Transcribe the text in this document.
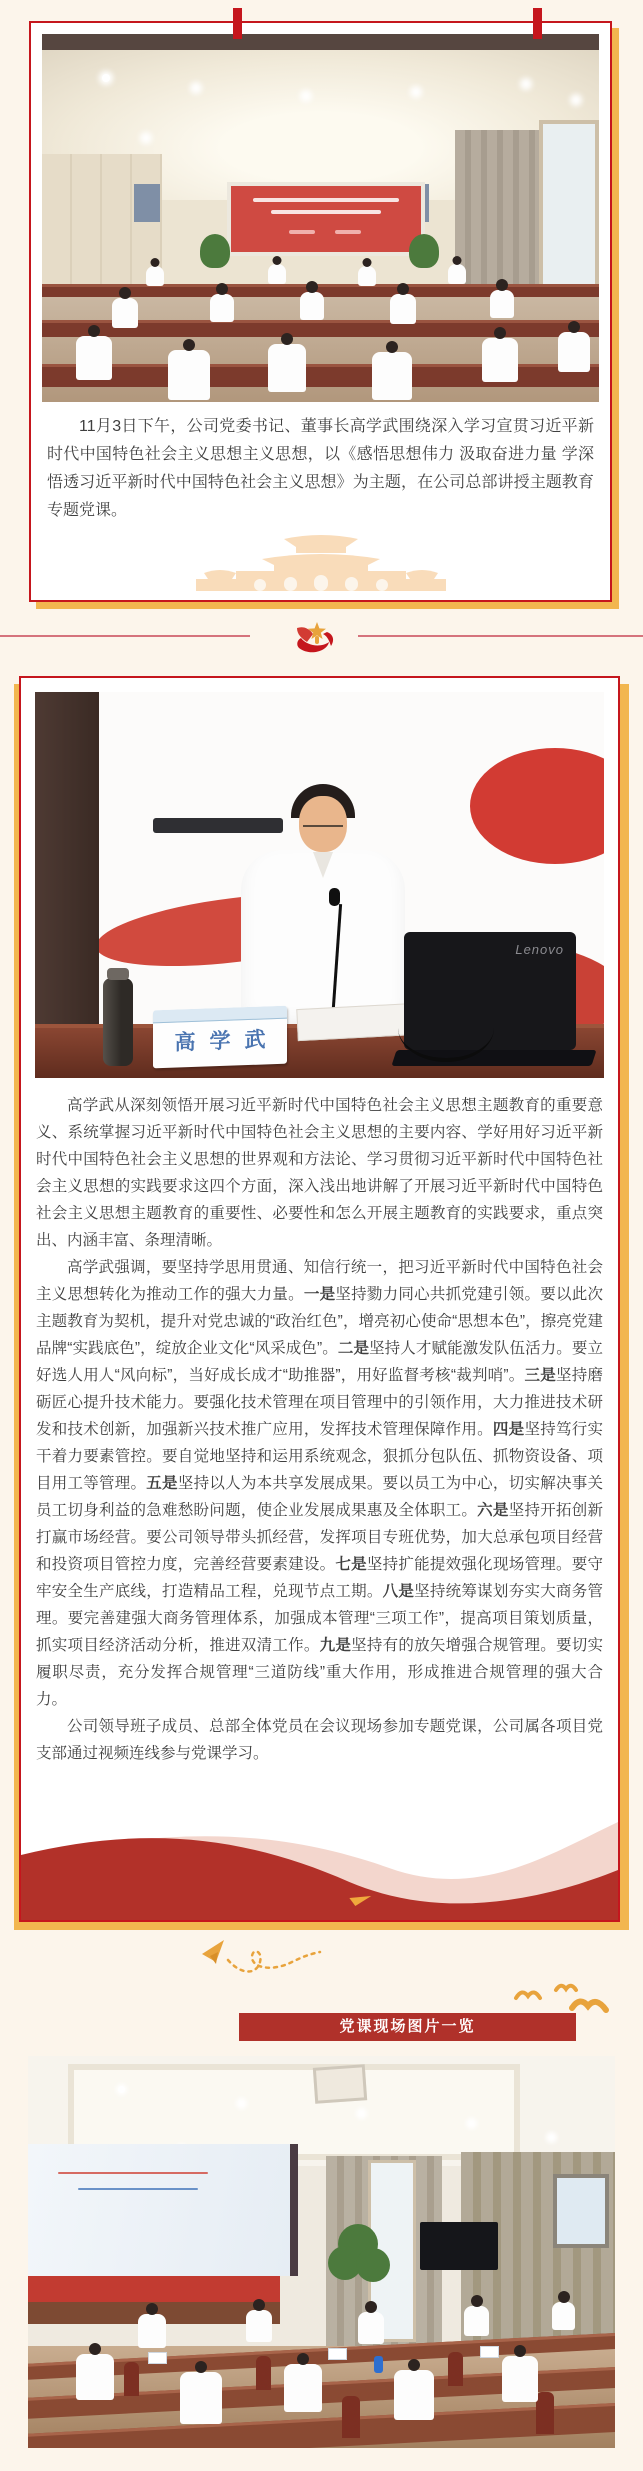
11月3日下午，公司党委书记、董事长高学武围绕深入学习宣贯习近平新时代中国特色社会主义思想主义思想，以《感悟思想伟力 汲取奋进力量 学深悟透习近平新时代中国特色社会主义思想》为主题，在公司总部讲授主题教育专题党课。

Lenovo
高学武

高学武从深刻领悟开展习近平新时代中国特色社会主义思想主题教育的重要意义、系统掌握习近平新时代中国特色社会主义思想的主要内容、学好用好习近平新时代中国特色社会主义思想的世界观和方法论、学习贯彻习近平新时代中国特色社会主义思想的实践要求这四个方面，深入浅出地讲解了开展习近平新时代中国特色社会主义思想主题教育的重要性、必要性和怎么开展主题教育的实践要求，重点突出、内涵丰富、条理清晰。

高学武强调，要坚持学思用贯通、知信行统一，把习近平新时代中国特色社会主义思想转化为推动工作的强大力量。一是坚持勠力同心共抓党建引领。要以此次主题教育为契机，提升对党忠诚的“政治红色”，增亮初心使命“思想本色”，擦亮党建品牌“实践底色”，绽放企业文化“风采成色”。二是坚持人才赋能激发队伍活力。要立好选人用人“风向标”，当好成长成才“助推器”，用好监督考核“裁判哨”。三是坚持磨砺匠心提升技术能力。要强化技术管理在项目管理中的引领作用，大力推进技术研发和技术创新，加强新兴技术推广应用，发挥技术管理保障作用。四是坚持笃行实干着力要素管控。要自觉地坚持和运用系统观念，狠抓分包队伍、抓物资设备、项目用工等管理。五是坚持以人为本共享发展成果。要以员工为中心，切实解决事关员工切身利益的急难愁盼问题，使企业发展成果惠及全体职工。六是坚持开拓创新打赢市场经营。要公司领导带头抓经营，发挥项目专班优势，加大总承包项目经营和投资项目管控力度，完善经营要素建设。七是坚持扩能提效强化现场管理。要守牢安全生产底线，打造精品工程，兑现节点工期。八是坚持统筹谋划夯实大商务管理。要完善建强大商务管理体系，加强成本管理“三项工作”，提高项目策划质量，抓实项目经济活动分析，推进双清工作。九是坚持有的放矢增强合规管理。要切实履职尽责，充分发挥合规管理“三道防线”重大作用，形成推进合规管理的强大合力。

公司领导班子成员、总部全体党员在会议现场参加专题党课，公司属各项目党支部通过视频连线参与党课学习。

党课现场图片一览
